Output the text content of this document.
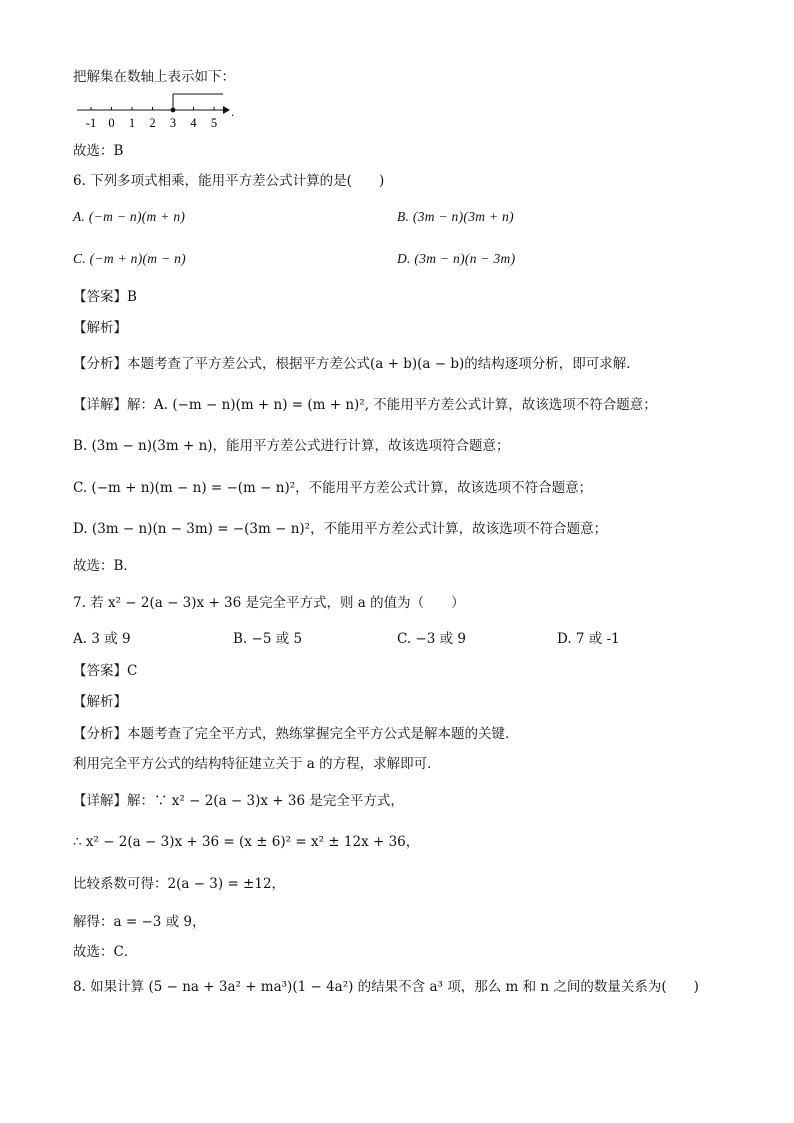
把解集在数轴上表示如下：
-1 0 1 2 3 4 5
.
故选：B
6. 下列多项式相乘，能用平方差公式计算的是(　　)
A. (−m − n)(m + n)	B. (3m − n)(3m + n)
C. (−m + n)(m − n)	D. (3m − n)(n − 3m)
【答案】B
【解析】
【分析】本题考查了平方差公式，根据平方差公式(a + b)(a − b)的结构逐项分析，即可求解．
【详解】解：A. (−m − n)(m + n) = (m + n)², 不能用平方差公式计算，故该选项不符合题意；
B. (3m − n)(3m + n)，能用平方差公式进行计算，故该选项符合题意；
C. (−m + n)(m − n) = −(m − n)²，不能用平方差公式计算，故该选项不符合题意；
D. (3m − n)(n − 3m) = −(3m − n)²，不能用平方差公式计算，故该选项不符合题意；
故选：B．
7. 若 x² − 2(a − 3)x + 36 是完全平方式，则 a 的值为（　　）
A. 3 或 9	B. −5 或 5	C. −3 或 9	D. 7 或 -1
【答案】C
【解析】
【分析】本题考查了完全平方式，熟练掌握完全平方公式是解本题的关键．
利用完全平方公式的结构特征建立关于 a 的方程，求解即可．
【详解】解：∵ x² − 2(a − 3)x + 36 是完全平方式，
∴ x² − 2(a − 3)x + 36 = (x ± 6)² = x² ± 12x + 36，
比较系数可得：2(a − 3) = ±12，
解得：a = −3 或 9，
故选：C．
8. 如果计算 (5 − na + 3a² + ma³)(1 − 4a²) 的结果不含 a³ 项，那么 m 和 n 之间的数量关系为(　　)
